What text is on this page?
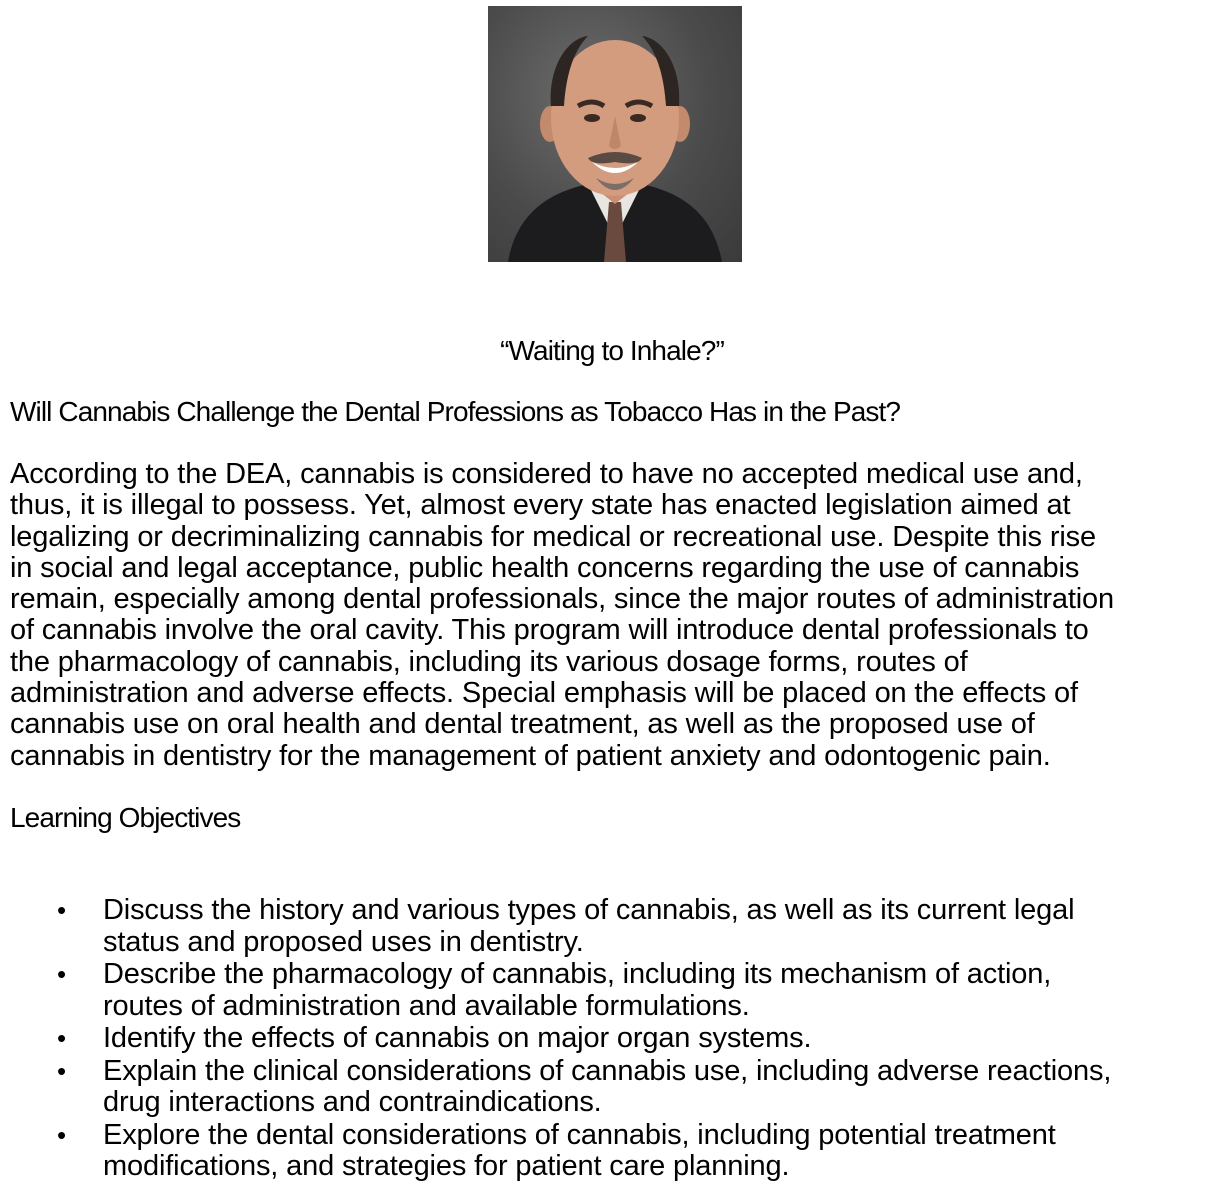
“Waiting to Inhale?”
Will Cannabis Challenge the Dental Professions as Tobacco Has in the Past?
According to the DEA, cannabis is considered to have no accepted medical use and,
thus, it is illegal to possess. Yet, almost every state has enacted legislation aimed at
legalizing or decriminalizing cannabis for medical or recreational use. Despite this rise
in social and legal acceptance, public health concerns regarding the use of cannabis
remain, especially among dental professionals, since the major routes of administration
of cannabis involve the oral cavity. This program will introduce dental professionals to
the pharmacology of cannabis, including its various dosage forms, routes of
administration and adverse effects. Special emphasis will be placed on the effects of
cannabis use on oral health and dental treatment, as well as the proposed use of
cannabis in dentistry for the management of patient anxiety and odontogenic pain.
Learning Objectives
• Discuss the history and various types of cannabis, as well as its current legal
status and proposed uses in dentistry.
• Describe the pharmacology of cannabis, including its mechanism of action,
routes of administration and available formulations.
• Identify the effects of cannabis on major organ systems.
• Explain the clinical considerations of cannabis use, including adverse reactions,
drug interactions and contraindications.
• Explore the dental considerations of cannabis, including potential treatment
modifications, and strategies for patient care planning.
